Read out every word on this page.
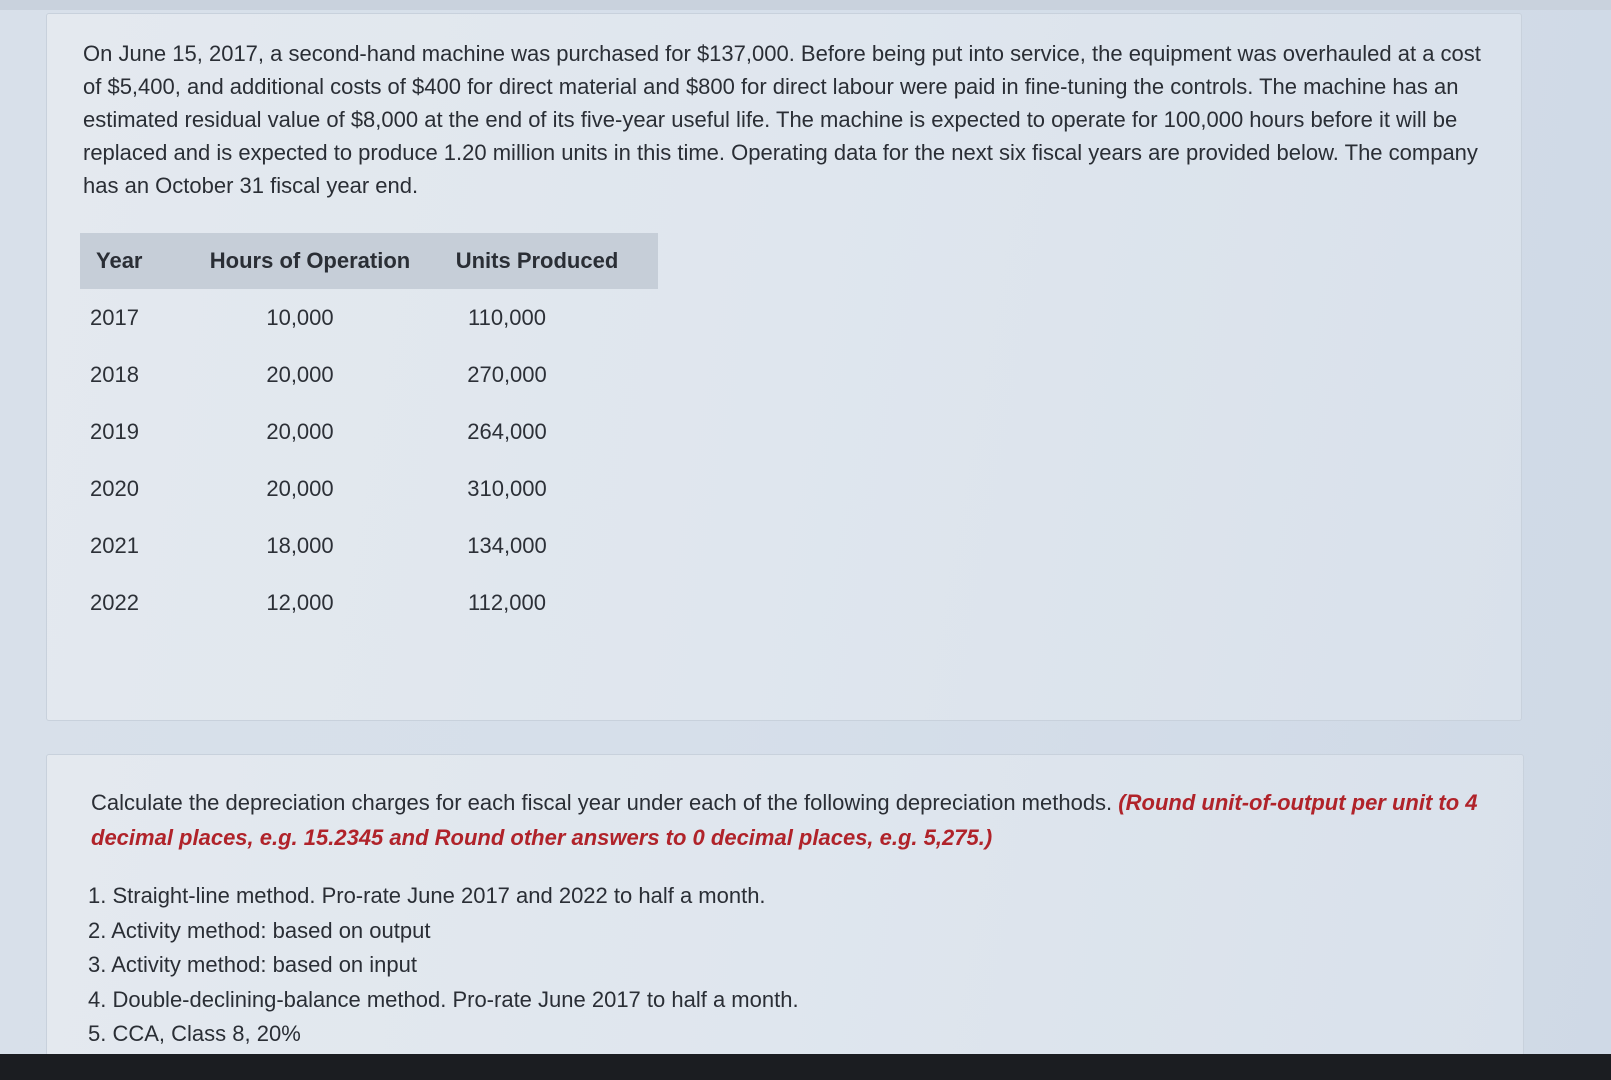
On June 15, 2017, a second-hand machine was purchased for $137,000. Before being put into service, the equipment was overhauled at a cost of $5,400, and additional costs of $400 for direct material and $800 for direct labour were paid in fine-tuning the controls. The machine has an estimated residual value of $8,000 at the end of its five-year useful life. The machine is expected to operate for 100,000 hours before it will be replaced and is expected to produce 1.20 million units in this time. Operating data for the next six fiscal years are provided below. The company has an October 31 fiscal year end.

Year	Hours of Operation	Units Produced
2017	10,000	110,000
2018	20,000	270,000
2019	20,000	264,000
2020	20,000	310,000
2021	18,000	134,000
2022	12,000	112,000

Calculate the depreciation charges for each fiscal year under each of the following depreciation methods. (Round unit-of-output per unit to 4 decimal places, e.g. 15.2345 and Round other answers to 0 decimal places, e.g. 5,275.)

1. Straight-line method. Pro-rate June 2017 and 2022 to half a month.
2. Activity method: based on output
3. Activity method: based on input
4. Double-declining-balance method. Pro-rate June 2017 to half a month.
5. CCA, Class 8, 20%
